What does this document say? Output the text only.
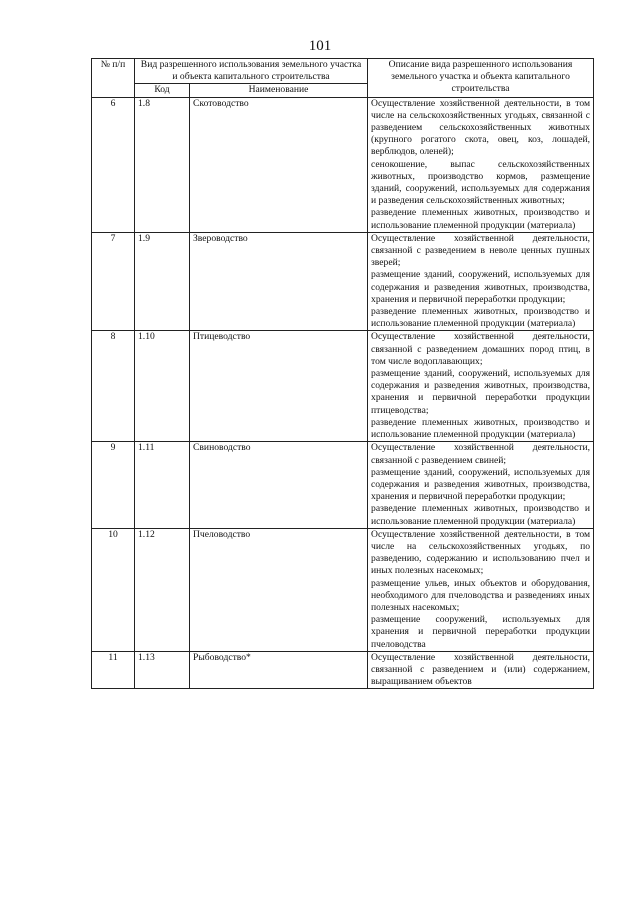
101
№ п/п	Вид разрешенного использования земельного участка и объекта капитального строительства		Описание вида разрешенного использования земельного участка и объекта капитального строительства
	Код	Наименование	
6	1.8	Скотоводство	Осуществление хозяйственной деятельности, в том числе на сельскохозяйственных угодьях, связанной с разведением сельскохозяйственных животных (крупного рогатого скота, овец, коз, лошадей, верблюдов, оленей);
сенокошение, выпас сельскохозяйственных животных, производство кормов, размещение зданий, сооружений, используемых для содержания и разведения сельскохозяйственных животных;
разведение племенных животных, производство и использование племенной продукции (материала)

7	1.9	Звероводство	Осуществление хозяйственной деятельности, связанной с разведением в неволе ценных пушных зверей;
размещение зданий, сооружений, используемых для содержания и разведения животных, производства, хранения и первичной переработки продукции;
разведение племенных животных, производство и использование племенной продукции (материала)

8	1.10	Птицеводство	Осуществление хозяйственной деятельности, связанной с разведением домашних пород птиц, в том числе водоплавающих;
размещение зданий, сооружений, используемых для содержания и разведения животных, производства, хранения и первичной переработки продукции птицеводства;
разведение племенных животных, производство и использование племенной продукции (материала)

9	1.11	Свиноводство	Осуществление хозяйственной деятельности, связанной с разведением свиней;
размещение зданий, сооружений, используемых для содержания и разведения животных, производства, хранения и первичной переработки продукции;
разведение племенных животных, производство и использование племенной продукции (материала)

10	1.12	Пчеловодство	Осуществление хозяйственной деятельности, в том числе на сельскохозяйственных угодьях, по разведению, содержанию и использованию пчел и иных полезных насекомых;
размещение ульев, иных объектов и оборудования, необходимого для пчеловодства и разведениях иных полезных насекомых;
размещение сооружений, используемых для хранения и первичной переработки продукции пчеловодства

11	1.13	Рыбоводство*	Осуществление хозяйственной деятельности, связанной с разведением и (или) содержанием, выращиванием объектов
